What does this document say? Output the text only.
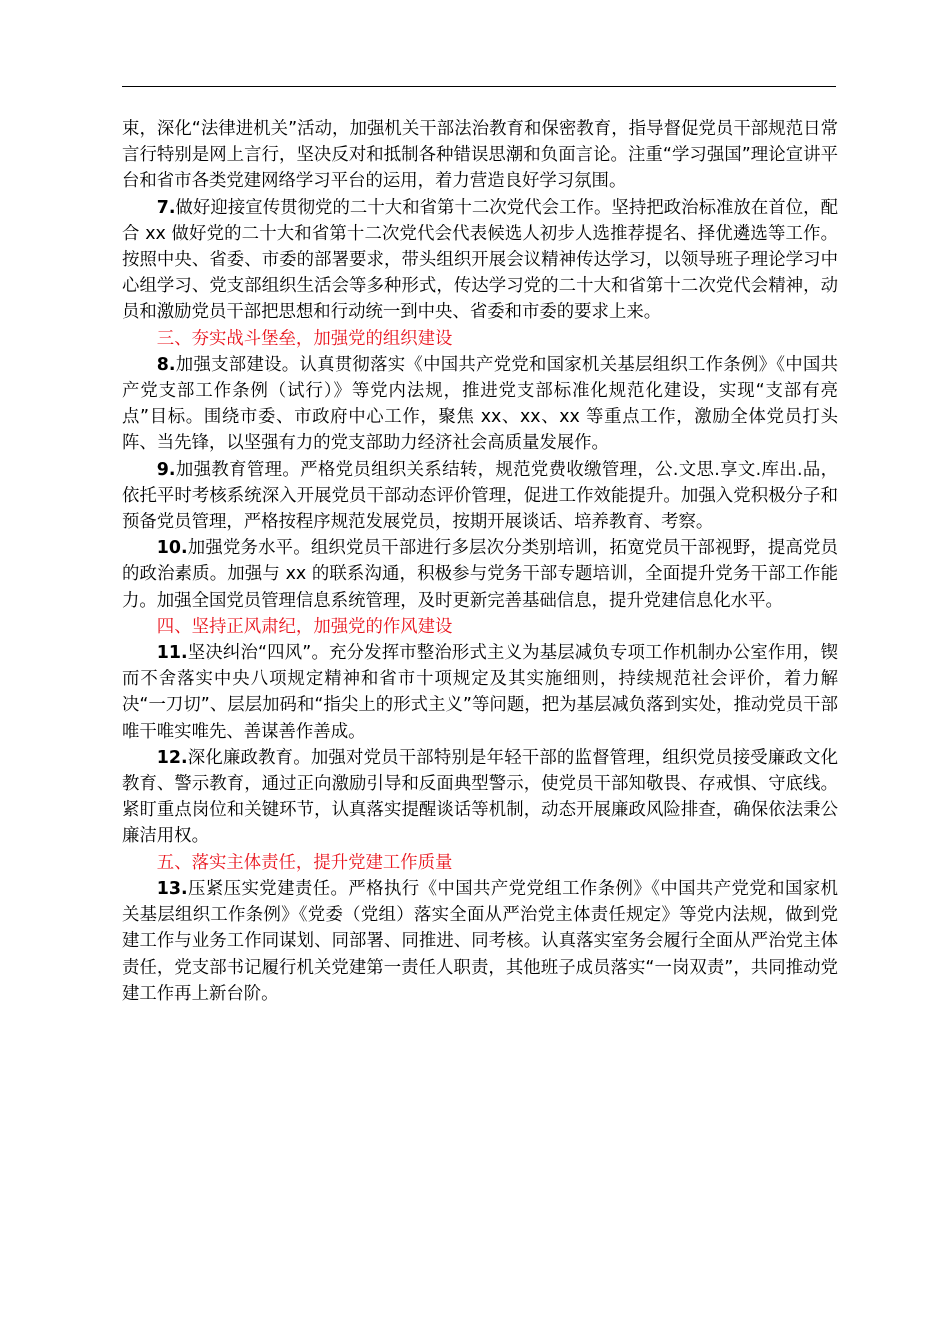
束，深化“法律进机关”活动，加强机关干部法治教育和保密教育，指导督促党员干部规范日常言行特别是网上言行，坚决反对和抵制各种错误思潮和负面言论。注重“学习强国”理论宣讲平台和省市各类党建网络学习平台的运用，着力营造良好学习氛围。

7.做好迎接宣传贯彻党的二十大和省第十二次党代会工作。坚持把政治标准放在首位，配合 xx 做好党的二十大和省第十二次党代会代表候选人初步人选推荐提名、择优遴选等工作。按照中央、省委、市委的部署要求，带头组织开展会议精神传达学习，以领导班子理论学习中心组学习、党支部组织生活会等多种形式，传达学习党的二十大和省第十二次党代会精神，动员和激励党员干部把思想和行动统一到中央、省委和市委的要求上来。

三、夯实战斗堡垒，加强党的组织建设

8.加强支部建设。认真贯彻落实《中国共产党党和国家机关基层组织工作条例》《中国共产党支部工作条例（试行）》等党内法规，推进党支部标准化规范化建设，实现“支部有亮点”目标。围绕市委、市政府中心工作，聚焦 xx、xx、xx 等重点工作，激励全体党员打头阵、当先锋，以坚强有力的党支部助力经济社会高质量发展作。

9.加强教育管理。严格党员组织关系结转，规范党费收缴管理，公.文思.享文.库出.品，依托平时考核系统深入开展党员干部动态评价管理，促进工作效能提升。加强入党积极分子和预备党员管理，严格按程序规范发展党员，按期开展谈话、培养教育、考察。

10.加强党务水平。组织党员干部进行多层次分类别培训，拓宽党员干部视野，提高党员的政治素质。加强与 xx 的联系沟通，积极参与党务干部专题培训，全面提升党务干部工作能力。加强全国党员管理信息系统管理，及时更新完善基础信息，提升党建信息化水平。

四、坚持正风肃纪，加强党的作风建设

11.坚决纠治“四风”。充分发挥市整治形式主义为基层减负专项工作机制办公室作用，锲而不舍落实中央八项规定精神和省市十项规定及其实施细则，持续规范社会评价，着力解决“一刀切”、层层加码和“指尖上的形式主义”等问题，把为基层减负落到实处，推动党员干部唯干唯实唯先、善谋善作善成。

12.深化廉政教育。加强对党员干部特别是年轻干部的监督管理，组织党员接受廉政文化教育、警示教育，通过正向激励引导和反面典型警示，使党员干部知敬畏、存戒惧、守底线。紧盯重点岗位和关键环节，认真落实提醒谈话等机制，动态开展廉政风险排查，确保依法秉公廉洁用权。

五、落实主体责任，提升党建工作质量

13.压紧压实党建责任。严格执行《中国共产党党组工作条例》《中国共产党党和国家机关基层组织工作条例》《党委（党组）落实全面从严治党主体责任规定》等党内法规，做到党建工作与业务工作同谋划、同部署、同推进、同考核。认真落实室务会履行全面从严治党主体责任，党支部书记履行机关党建第一责任人职责，其他班子成员落实“一岗双责”，共同推动党建工作再上新台阶。
